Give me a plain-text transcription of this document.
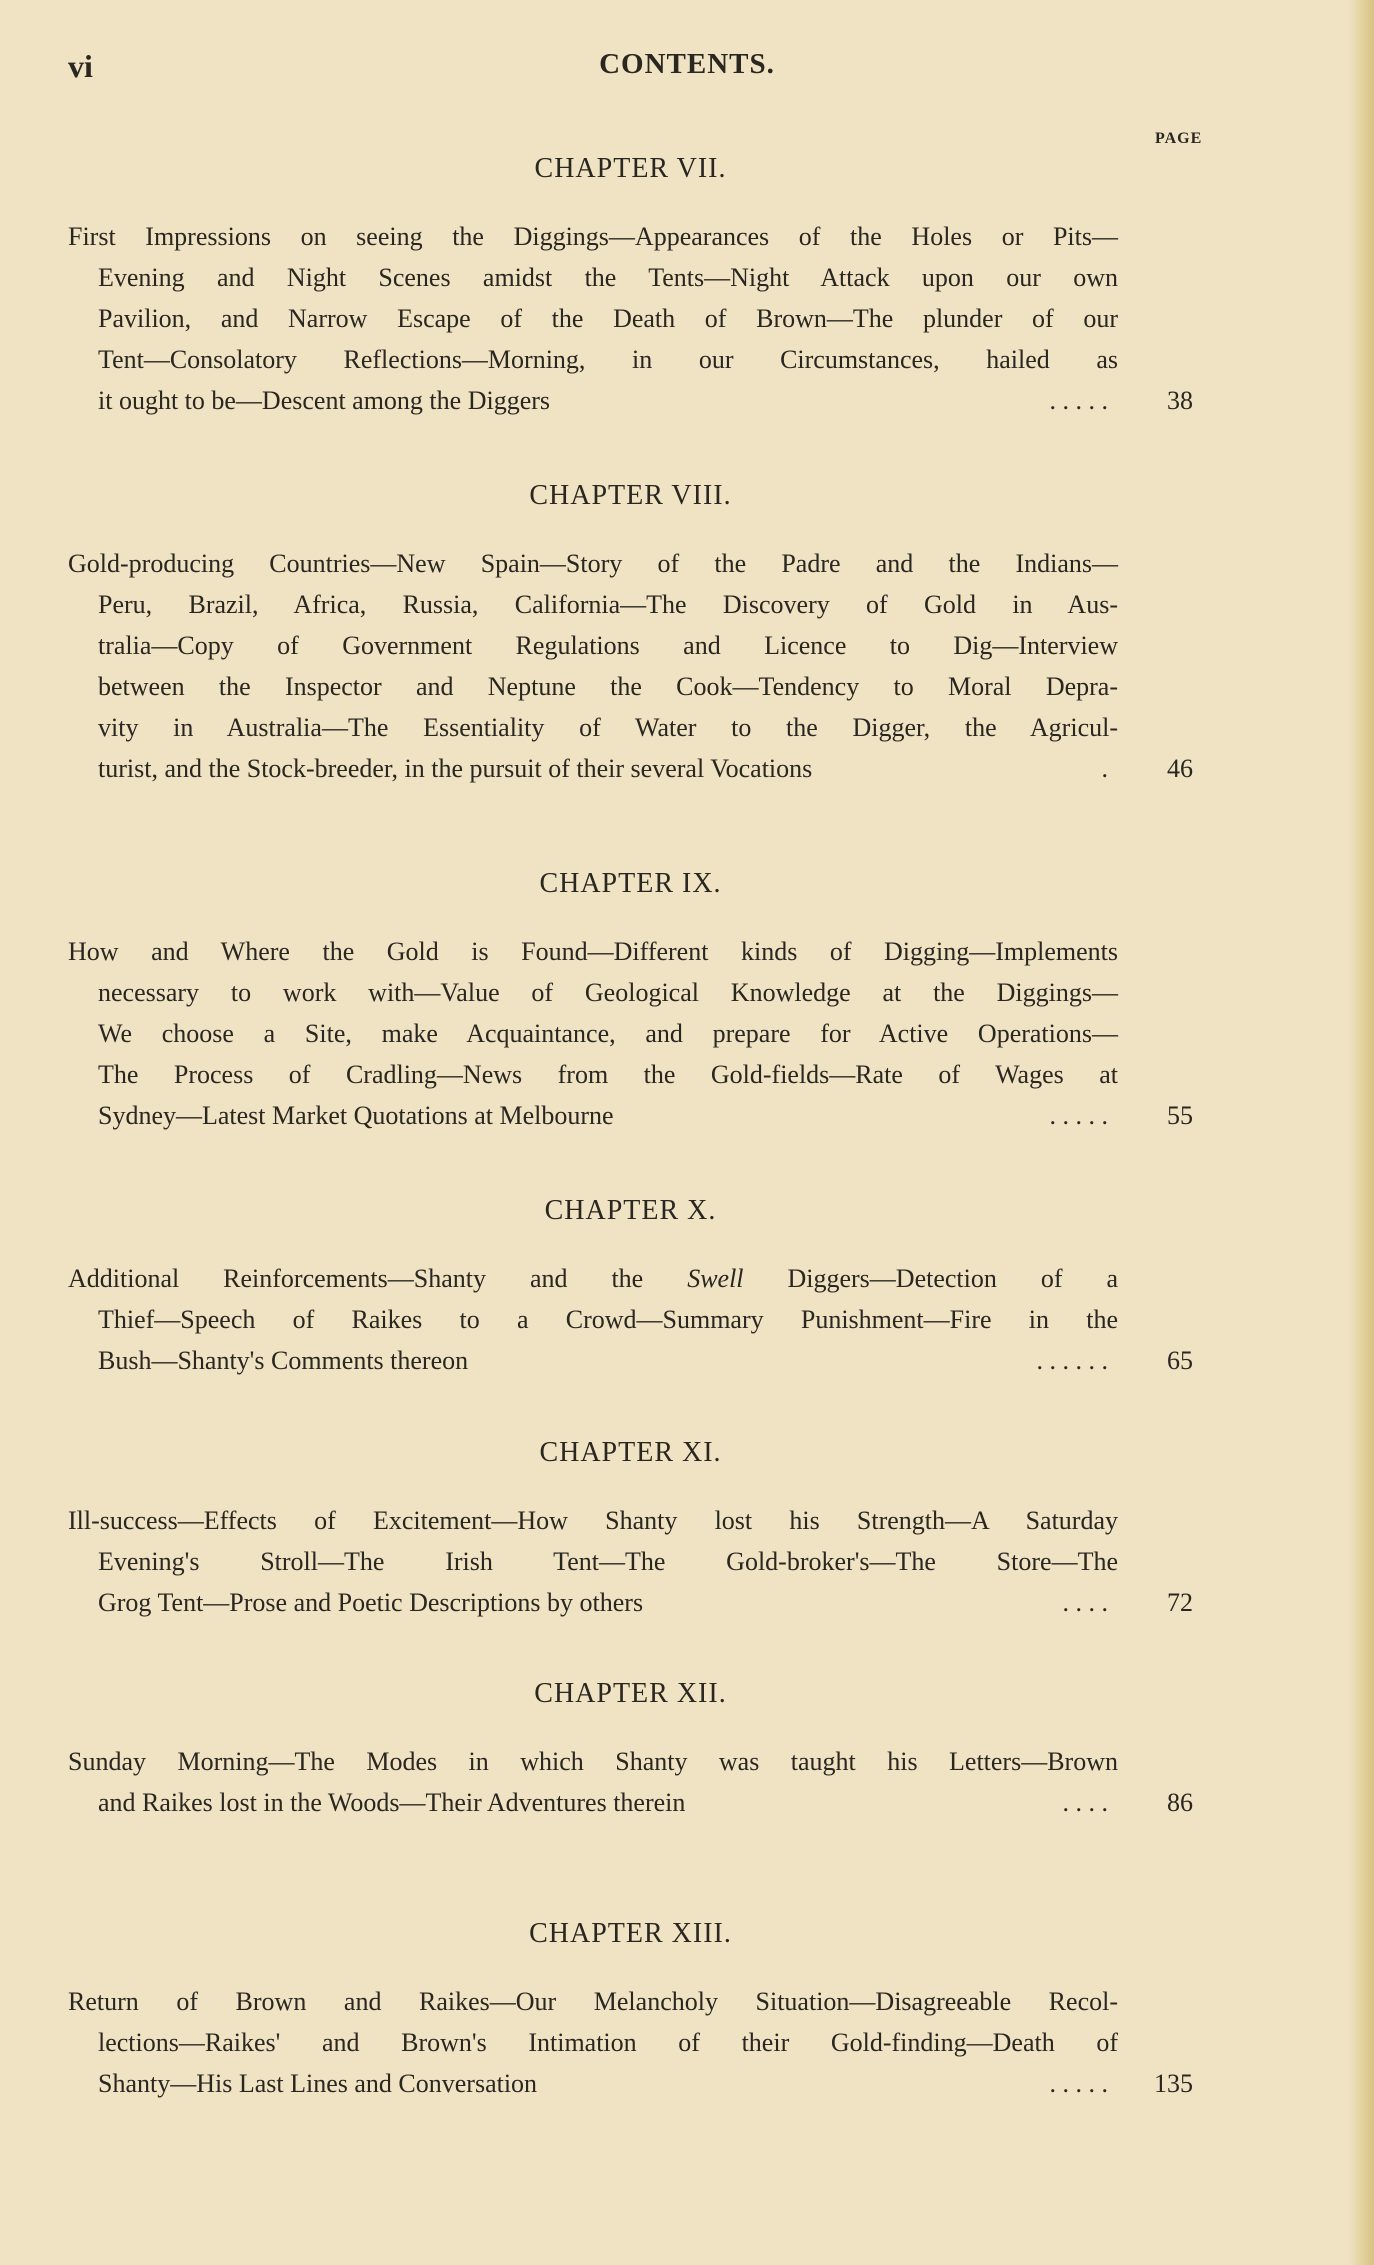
vi	CONTENTS.
PAGE
CHAPTER VII.
First Impressions on seeing the Diggings—Appearances of the Holes or Pits—
Evening and Night Scenes amidst the Tents—Night Attack upon our own
Pavilion, and Narrow Escape of the Death of Brown—The plunder of our
Tent—Consolatory Reflections—Morning, in our Circumstances, hailed as
it ought to be—Descent among the Diggers	. . . . .	38
CHAPTER VIII.
Gold-producing Countries—New Spain—Story of the Padre and the Indians—
Peru, Brazil, Africa, Russia, California—The Discovery of Gold in Aus-
tralia—Copy of Government Regulations and Licence to Dig—Interview
between the Inspector and Neptune the Cook—Tendency to Moral Depra-
vity in Australia—The Essentiality of Water to the Digger, the Agricul-
turist, and the Stock-breeder, in the pursuit of their several Vocations	.	46
CHAPTER IX.
How and Where the Gold is Found—Different kinds of Digging—Implements
necessary to work with—Value of Geological Knowledge at the Diggings—
We choose a Site, make Acquaintance, and prepare for Active Operations—
The Process of Cradling—News from the Gold-fields—Rate of Wages at
Sydney—Latest Market Quotations at Melbourne	. . . . .	55
CHAPTER X.
Additional Reinforcements—Shanty and the Swell Diggers—Detection of a
Thief—Speech of Raikes to a Crowd—Summary Punishment—Fire in the
Bush—Shanty's Comments thereon	. . . . . .	65
CHAPTER XI.
Ill-success—Effects of Excitement—How Shanty lost his Strength—A Saturday
Evening's Stroll—The Irish Tent—The Gold-broker's—The Store—The
Grog Tent—Prose and Poetic Descriptions by others	. . . .	72
CHAPTER XII.
Sunday Morning—The Modes in which Shanty was taught his Letters—Brown
and Raikes lost in the Woods—Their Adventures therein	. . . .	86
CHAPTER XIII.
Return of Brown and Raikes—Our Melancholy Situation—Disagreeable Recol-
lections—Raikes' and Brown's Intimation of their Gold-finding—Death of
Shanty—His Last Lines and Conversation	. . . . .	135
